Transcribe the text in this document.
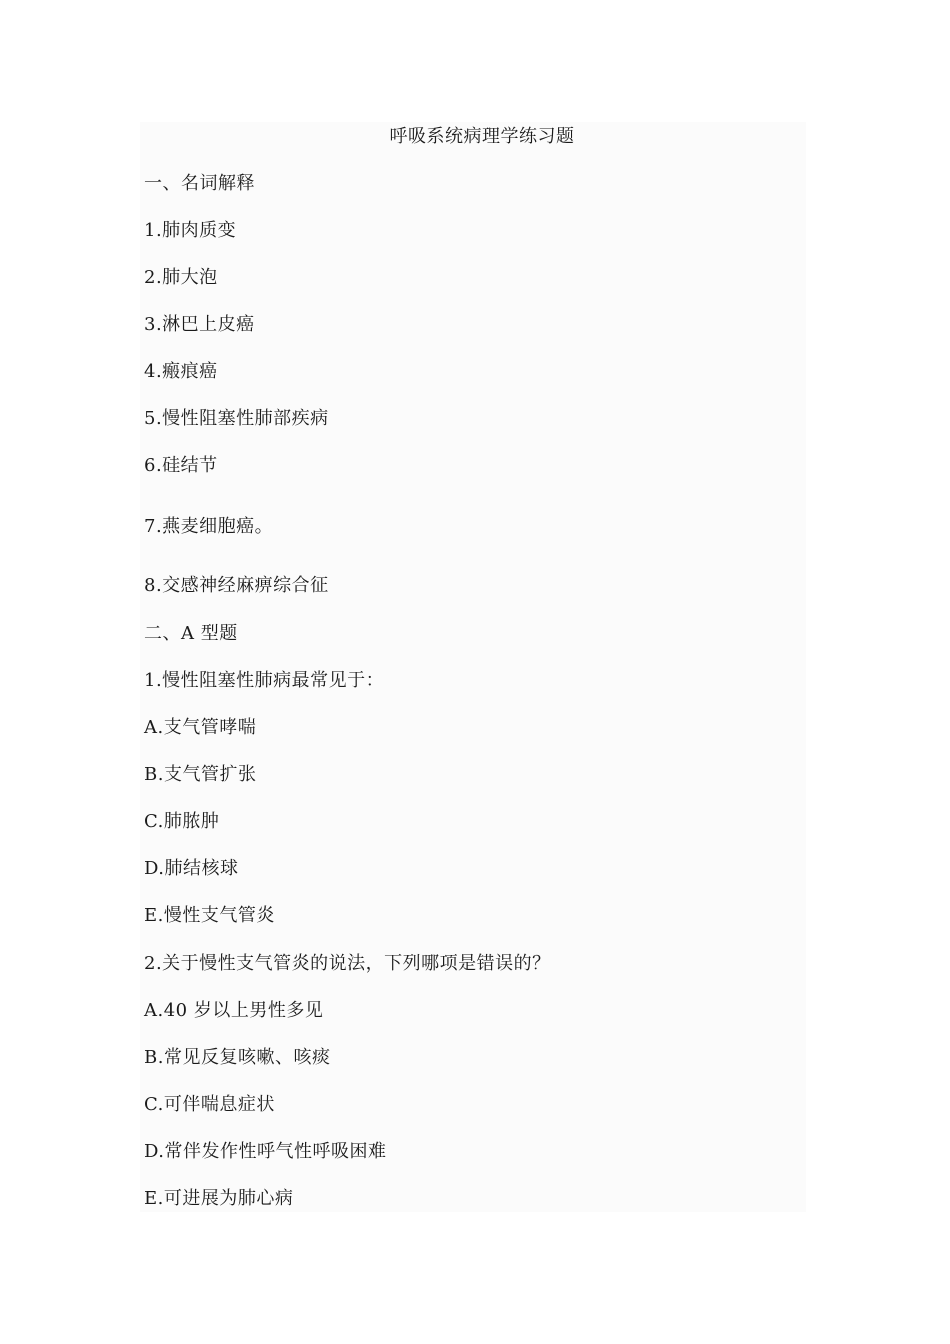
呼吸系统病理学练习题
一、名词解释
1.肺肉质变
2.肺大泡
3.淋巴上皮癌
4.瘢痕癌
5.慢性阻塞性肺部疾病
6.硅结节
7.燕麦细胞癌。
8.交感神经麻痹综合征
二、A 型题
1.慢性阻塞性肺病最常见于：
A.支气管哮喘
B.支气管扩张
C.肺脓肿
D.肺结核球
E.慢性支气管炎
2.关于慢性支气管炎的说法，下列哪项是错误的？
A.40 岁以上男性多见
B.常见反复咳嗽、咳痰
C.可伴喘息症状
D.常伴发作性呼气性呼吸困难
E.可进展为肺心病
